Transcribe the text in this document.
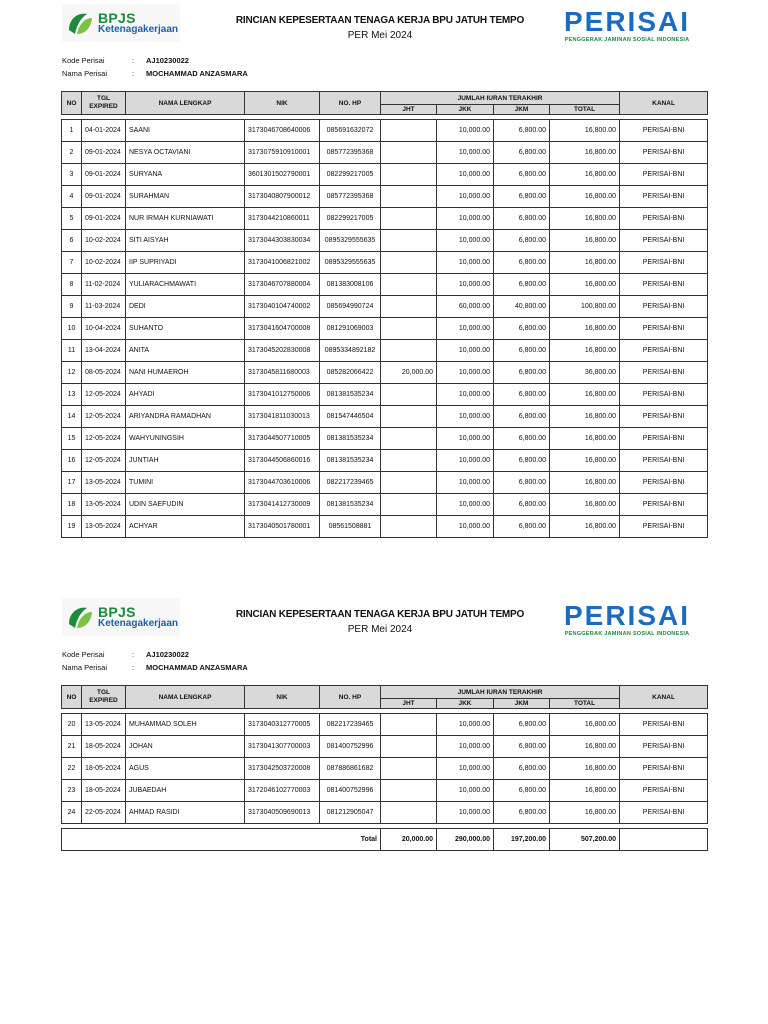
BPJS
Ketenagakerjaan
RINCIAN KEPESERTAAN TENAGA KERJA BPU JATUH TEMPO
PER Mei 2024	PERISAI
PENGGERAK JAMINAN SOSIAL INDONESIA
Kode Perisai	: AJ10230022
Nama Perisai	: MOCHAMMAD ANZASMARA
NO	TGL EXPIRED	NAMA LENGKAP	NIK	NO. HP	JUMLAH IURAN TERAKHIR				KANAL
					JHT	JKK	JKM	TOTAL	

1	04-01-2024	SAANI	3173046708640006	085691632072		10,000.00	6,800.00	16,800.00	PERISAI-BNI
2	09-01-2024	NESYA OCTAVIANI	3173075910910001	085772395368		10,000.00	6,800.00	16,800.00	PERISAI-BNI
3	09-01-2024	SURYANA	3601301502790001	082299217005		10,000.00	6,800.00	16,800.00	PERISAI-BNI
4	09-01-2024	SURAHMAN	3173040807900012	085772395368		10,000.00	6,800.00	16,800.00	PERISAI-BNI
5	09-01-2024	NUR IRMAH KURNIAWATI	3173044210860011	082299217005		10,000.00	6,800.00	16,800.00	PERISAI-BNI
6	10-02-2024	SITI AISYAH	3173044303830034	0895329555635		10,000.00	6,800.00	16,800.00	PERISAI-BNI
7	10-02-2024	IIP SUPRIYADI	3173041006821002	0895329555635		10,000.00	6,800.00	16,800.00	PERISAI-BNI
8	11-02-2024	YULIARACHMAWATI	3173046707880004	081383008106		10,000.00	6,800.00	16,800.00	PERISAI-BNI
9	11-03-2024	DEDI	3173040104740002	085694990724		60,000.00	40,800.00	100,800.00	PERISAI-BNI
10	10-04-2024	SUHANTO	3173041604700008	081291069003		10,000.00	6,800.00	16,800.00	PERISAI-BNI
11	13-04-2024	ANITA	3173045202830008	0895334892182		10,000.00	6,800.00	16,800.00	PERISAI-BNI
12	08-05-2024	NANI HUMAEROH	3173045811680003	085282066422	20,000.00	10,000.00	6,800.00	36,800.00	PERISAI-BNI
13	12-05-2024	AHYADI	3173041012750006	081381535234		10,000.00	6,800.00	16,800.00	PERISAI-BNI
14	12-05-2024	ARIYANDRA RAMADHAN	3173041811030013	081547446504		10,000.00	6,800.00	16,800.00	PERISAI-BNI
15	12-05-2024	WAHYUNINGSIH	3173044507710005	081381535234		10,000.00	6,800.00	16,800.00	PERISAI-BNI
16	12-05-2024	JUNTIAH	3173044506860016	081381535234		10,000.00	6,800.00	16,800.00	PERISAI-BNI
17	13-05-2024	TUMINI	3173044703610006	082217239465		10,000.00	6,800.00	16,800.00	PERISAI-BNI
18	13-05-2024	UDIN SAEFUDIN	3173041412730009	081381535234		10,000.00	6,800.00	16,800.00	PERISAI-BNI
19	13-05-2024	ACHYAR	3173040501780001	08561508881		10,000.00	6,800.00	16,800.00	PERISAI-BNI
BPJS
Ketenagakerjaan
RINCIAN KEPESERTAAN TENAGA KERJA BPU JATUH TEMPO
PER Mei 2024	PERISAI
PENGGERAK JAMINAN SOSIAL INDONESIA
Kode Perisai	: AJ10230022
Nama Perisai	: MOCHAMMAD ANZASMARA
NO	TGL EXPIRED	NAMA LENGKAP	NIK	NO. HP	JUMLAH IURAN TERAKHIR				KANAL
					JHT	JKK	JKM	TOTAL	

20	13-05-2024	MUHAMMAD SOLEH	3173040312770005	082217239465		10,000.00	6,800.00	16,800.00	PERISAI-BNI
21	18-05-2024	JOHAN	3173041307700003	081400752996		10,000.00	6,800.00	16,800.00	PERISAI-BNI
22	18-05-2024	AGUS	3173042503720008	087886861682		10,000.00	6,800.00	16,800.00	PERISAI-BNI
23	18-05-2024	JUBAEDAH	3172046102770003	081400752996		10,000.00	6,800.00	16,800.00	PERISAI-BNI
24	22-05-2024	AHMAD RASIDI	3173040509690013	081212905047		10,000.00	6,800.00	16,800.00	PERISAI-BNI

Total					20,000.00	290,000.00	197,200.00	507,200.00	
